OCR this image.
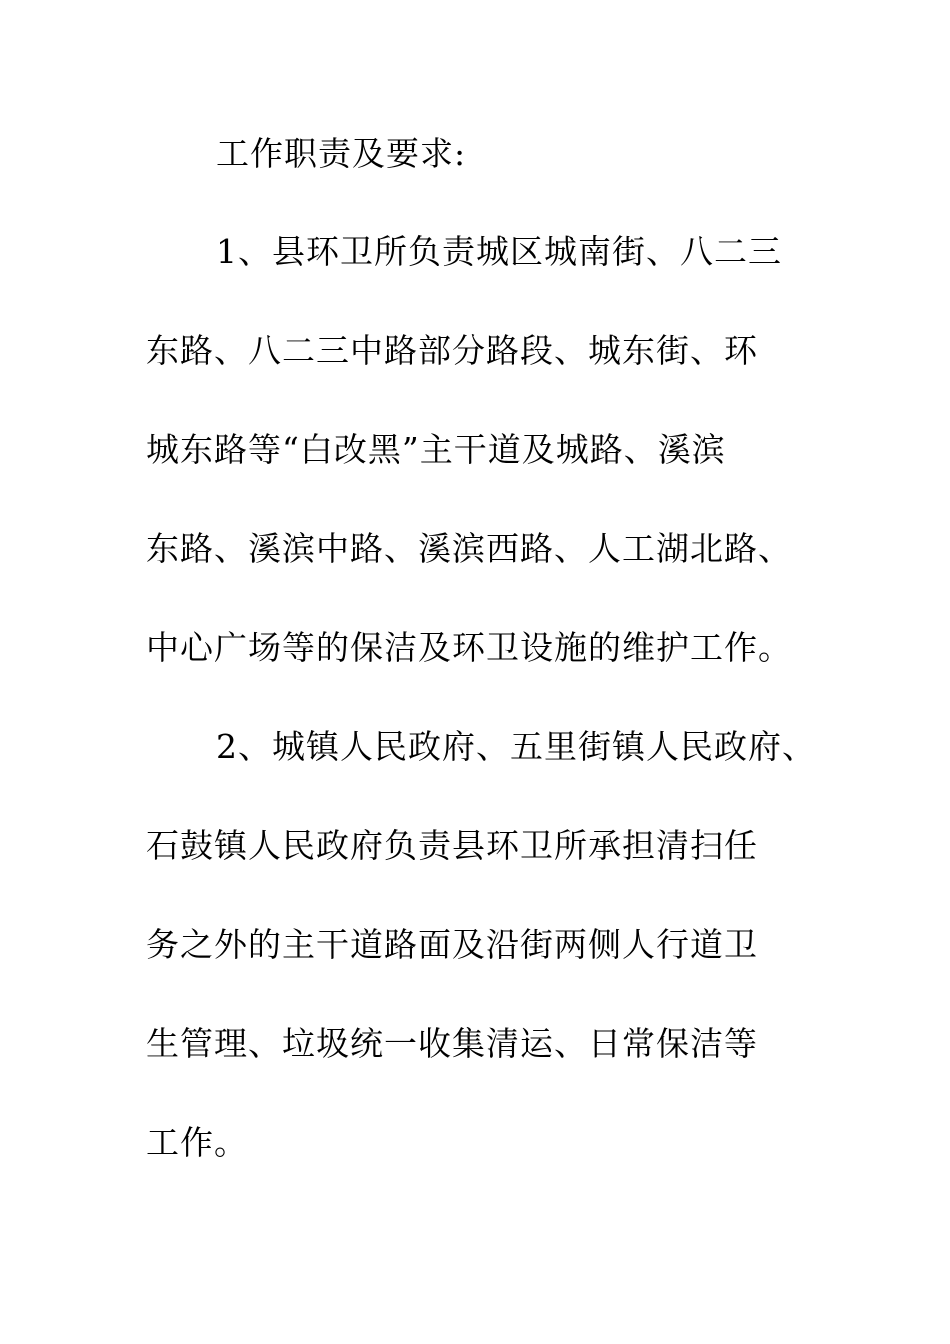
工作职责及要求:
1、县环卫所负责城区城南街、八二三
东路、八二三中路部分路段、城东街、环
城东路等“白改黑”主干道及城路、溪滨
东路、溪滨中路、溪滨西路、人工湖北路、
中心广场等的保洁及环卫设施的维护工作。
2、城镇人民政府、五里街镇人民政府、
石鼓镇人民政府负责县环卫所承担清扫任
务之外的主干道路面及沿街两侧人行道卫
生管理、垃圾统一收集清运、日常保洁等
工作。
